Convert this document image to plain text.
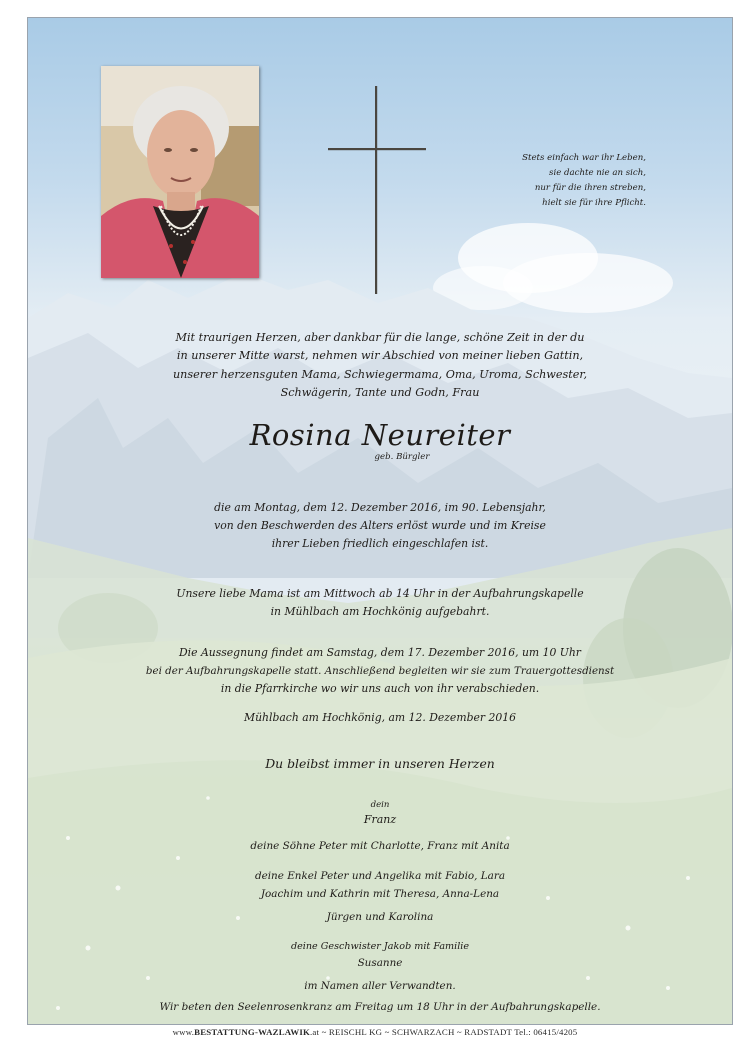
Stets einfach war ihr Leben,
sie dachte nie an sich,
nur für die ihren streben,
hielt sie für ihre Pflicht.
Mit traurigen Herzen, aber dankbar für die lange, schöne Zeit in der du
in unserer Mitte warst, nehmen wir Abschied von meiner lieben Gattin,
unserer herzensguten Mama, Schwiegermama, Oma, Uroma, Schwester,
Schwägerin, Tante und Godn, Frau
Rosina Neureiter
geb. Bürgler
die am Montag, dem 12. Dezember 2016, im 90. Lebensjahr,
von den Beschwerden des Alters erlöst wurde und im Kreise
ihrer Lieben friedlich eingeschlafen ist.
Unsere liebe Mama ist am Mittwoch ab 14 Uhr in der Aufbahrungskapelle
in Mühlbach am Hochkönig aufgebahrt.
Die Aussegnung findet am Samstag, dem 17. Dezember 2016, um 10 Uhr
bei der Aufbahrungskapelle statt. Anschließend begleiten wir sie zum Trauergottesdienst
in die Pfarrkirche wo wir uns auch von ihr verabschieden.
Mühlbach am Hochkönig, am 12. Dezember 2016
Du bleibst immer in unseren Herzen
dein
Franz
deine Söhne Peter mit Charlotte, Franz mit Anita
deine Enkel Peter und Angelika mit Fabio, Lara
Joachim und Kathrin mit Theresa, Anna-Lena
Jürgen und Karolina
deine Geschwister Jakob mit Familie
Susanne
im Namen aller Verwandten.
Wir beten den Seelenrosenkranz am Freitag um 18 Uhr in der Aufbahrungskapelle.
www.BESTATTUNG-WAZLAWIK.at ~ REISCHL KG ~ SCHWARZACH ~ RADSTADT Tel.: 06415/4205
